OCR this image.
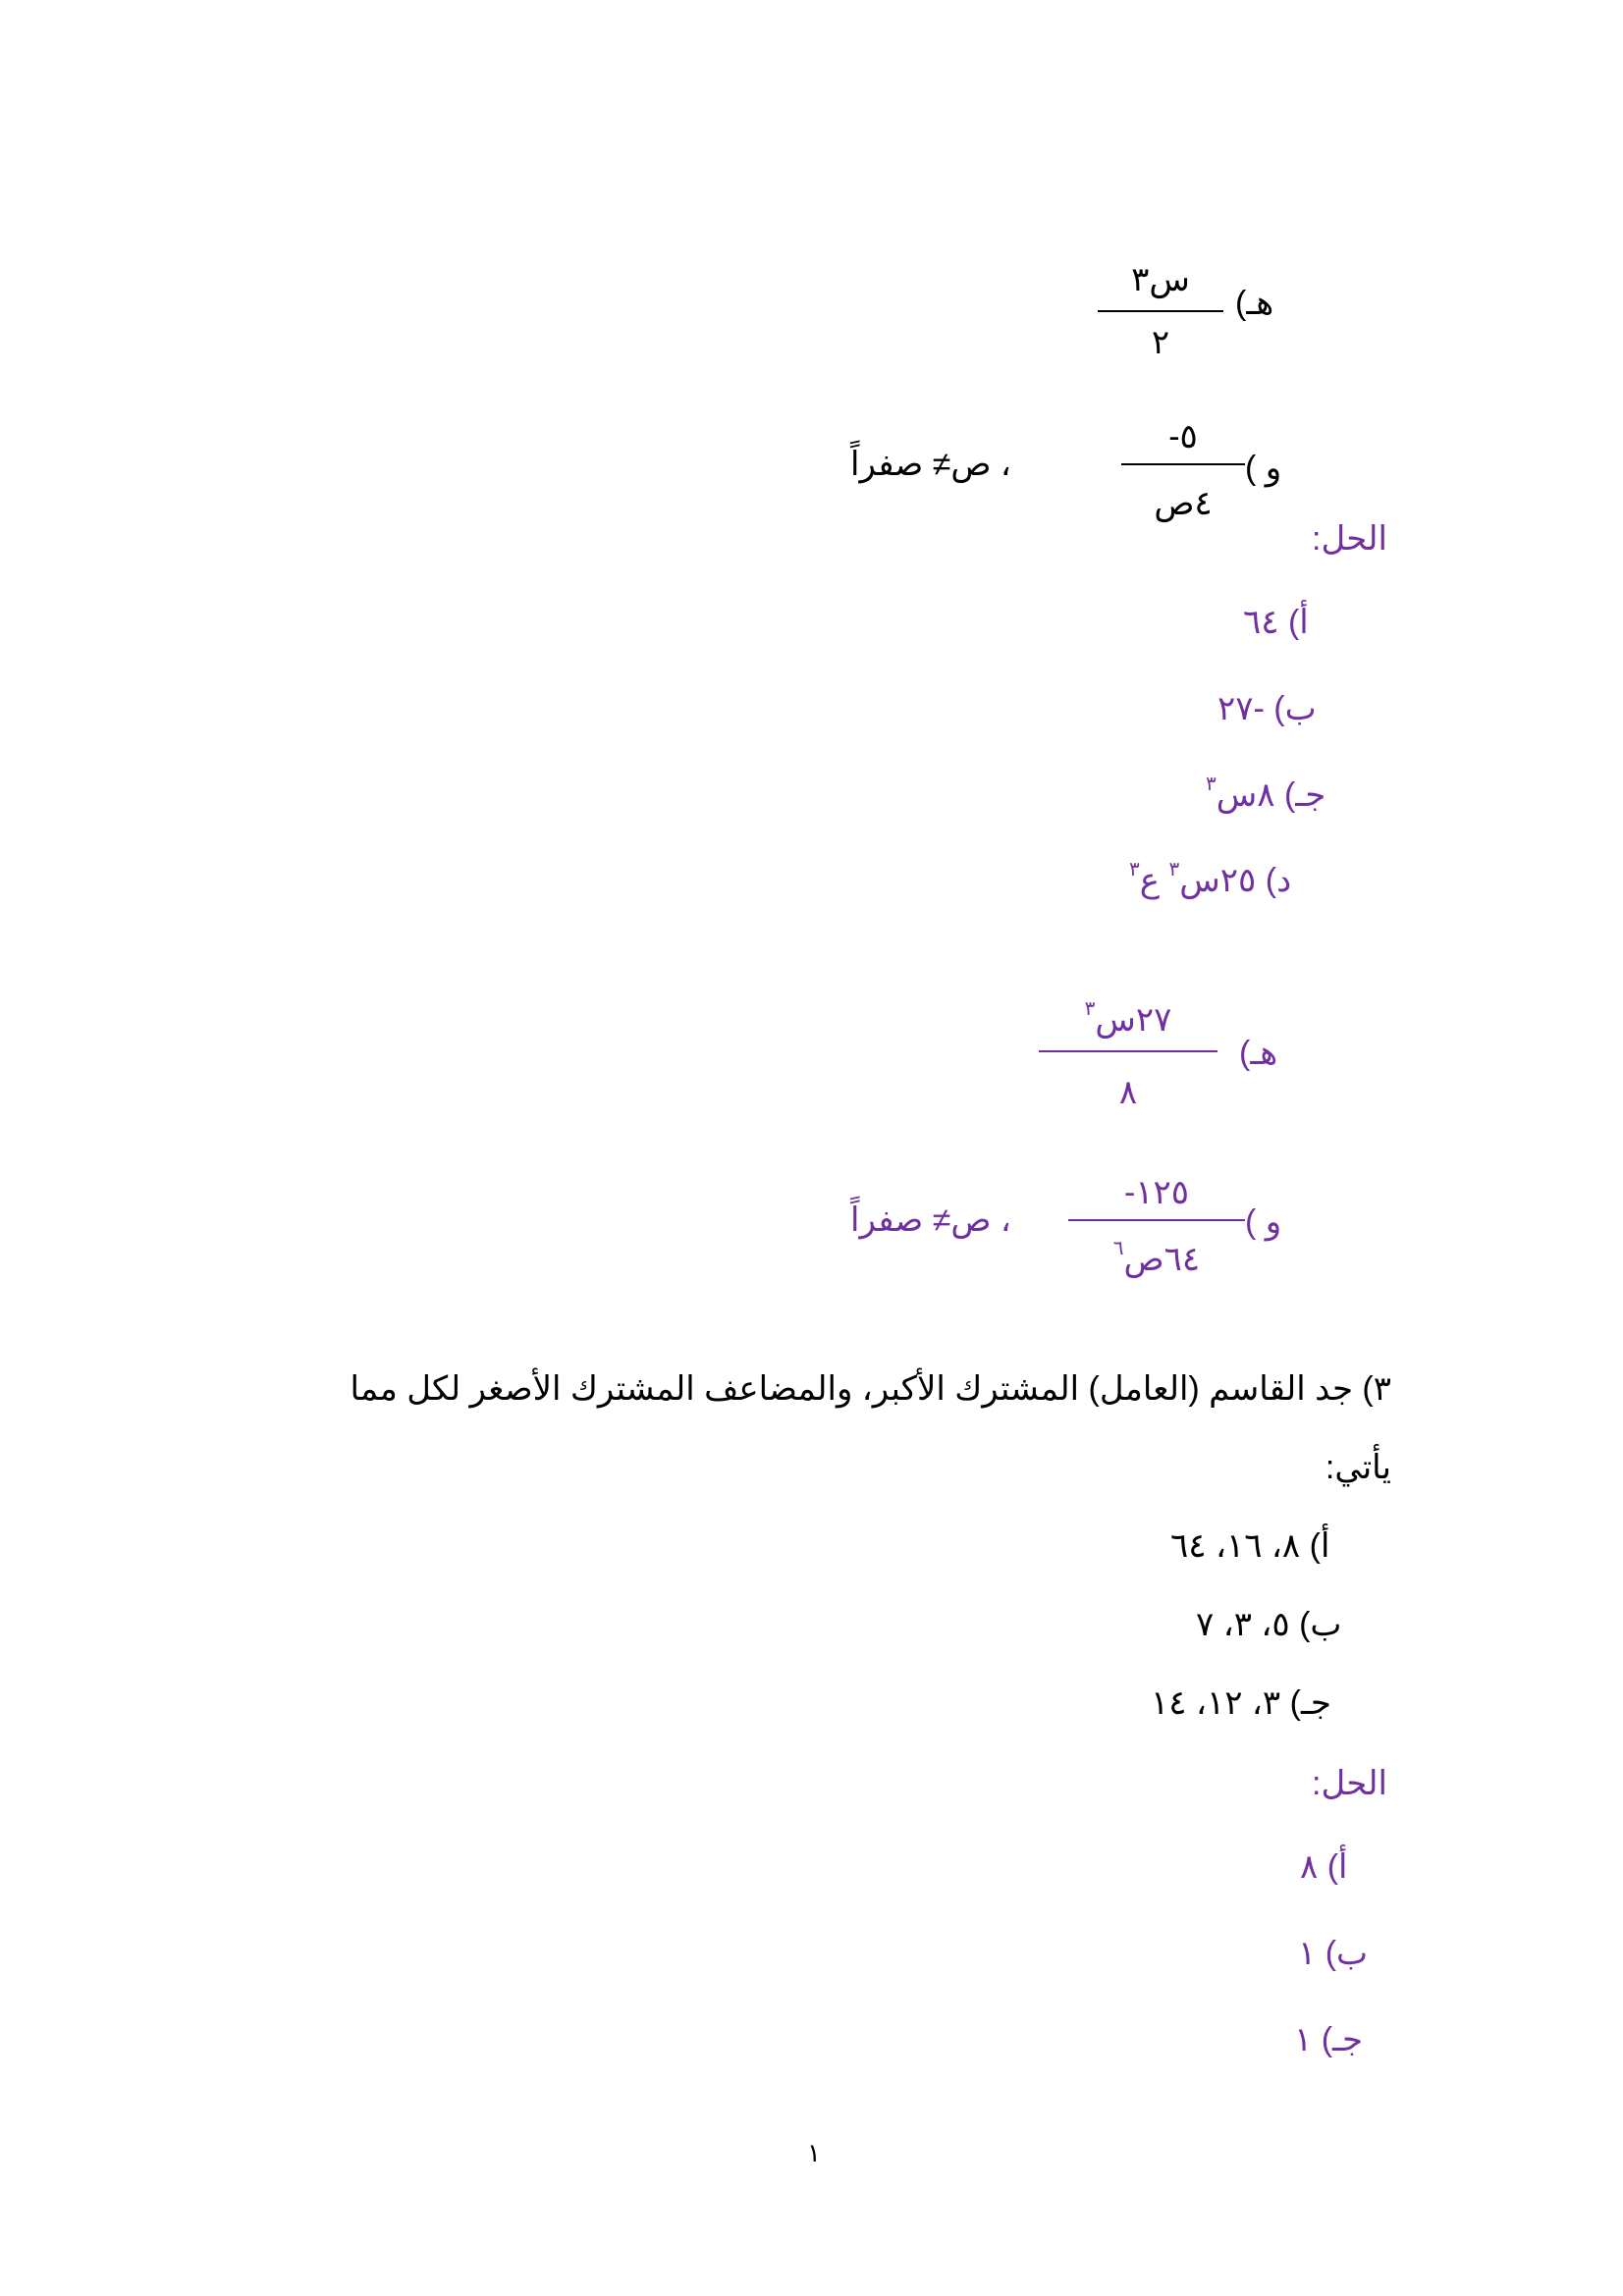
هـ)
س٣
٢
و )
٥-
٤ص
، ص≠ صفراً
الحل:
أ) ٦٤
ب) -٢٧
جـ) ٨س$^٣$
د) ٢٥س$^٣$ ع$^٣$
هـ)
٢٧س$^٣$
٨
و )
١٢٥-
٦٤ص$^٦$
، ص≠ صفراً
٣) جد القاسم (العامل) المشترك الأكبر، والمضاعف المشترك الأصغر لكل مما
يأتي:
أ) ٨، ١٦، ٦٤
ب) ٥، ٣، ٧
جـ) ٣، ١٢، ١٤
الحل:
أ) ٨
ب) ١
جـ) ١
١
